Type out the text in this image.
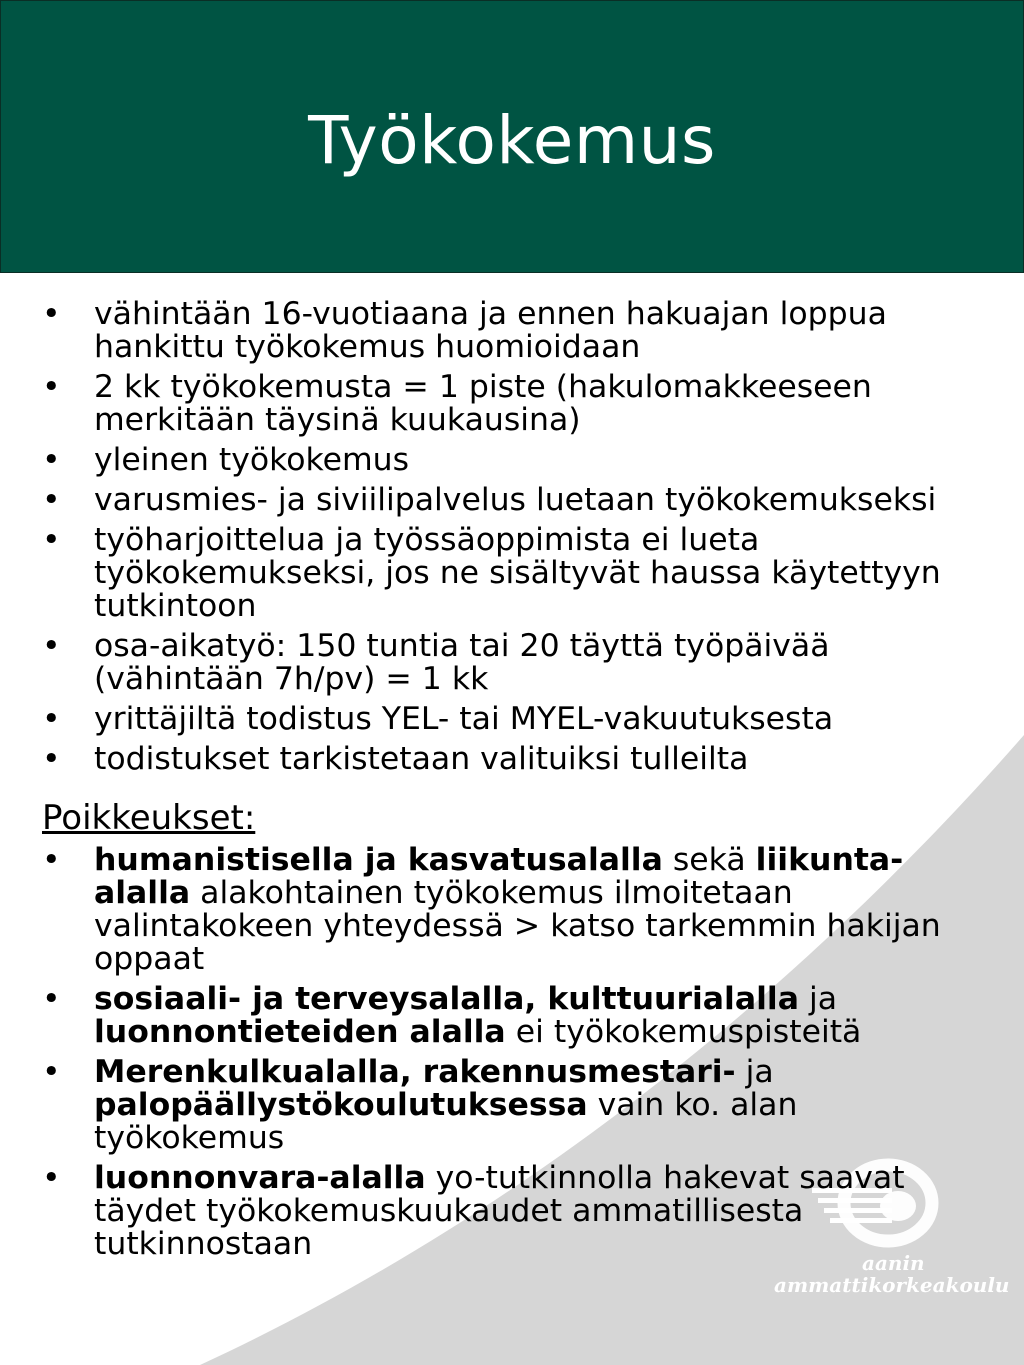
Työkokemus
aanin
ammattikorkeakoulu
• vähintään 16-vuotiaana ja ennen hakuajan loppua hankittu työkokemus huomioidaan
• 2 kk työkokemusta = 1 piste (hakulomakkeeseen merkitään täysinä kuukausina)
• yleinen työkokemus
• varusmies- ja siviilipalvelus luetaan työkokemukseksi
• työharjoittelua ja työssäoppimista ei lueta työkokemukseksi, jos ne sisältyvät haussa käytettyyn tutkintoon
• osa-aikatyö: 150 tuntia tai 20 täyttä työpäivää (vähintään 7h/pv) = 1 kk
• yrittäjiltä todistus YEL- tai MYEL-vakuutuksesta
• todistukset tarkistetaan valituiksi tulleilta
Poikkeukset:
• humanistisella ja kasvatusalalla sekä liikunta-alalla alakohtainen työkokemus ilmoitetaan valintakokeen yhteydessä > katso tarkemmin hakijan oppaat
• sosiaali- ja terveysalalla, kulttuurialalla ja luonnontieteiden alalla ei työkokemuspisteitä
• Merenkulkualalla, rakennusmestari- ja palopäällystökoulutuksessa vain ko. alan työkokemus
• luonnonvara-alalla yo-tutkinnolla hakevat saavat täydet työkokemuskuukaudet ammatillisesta tutkinnostaan
